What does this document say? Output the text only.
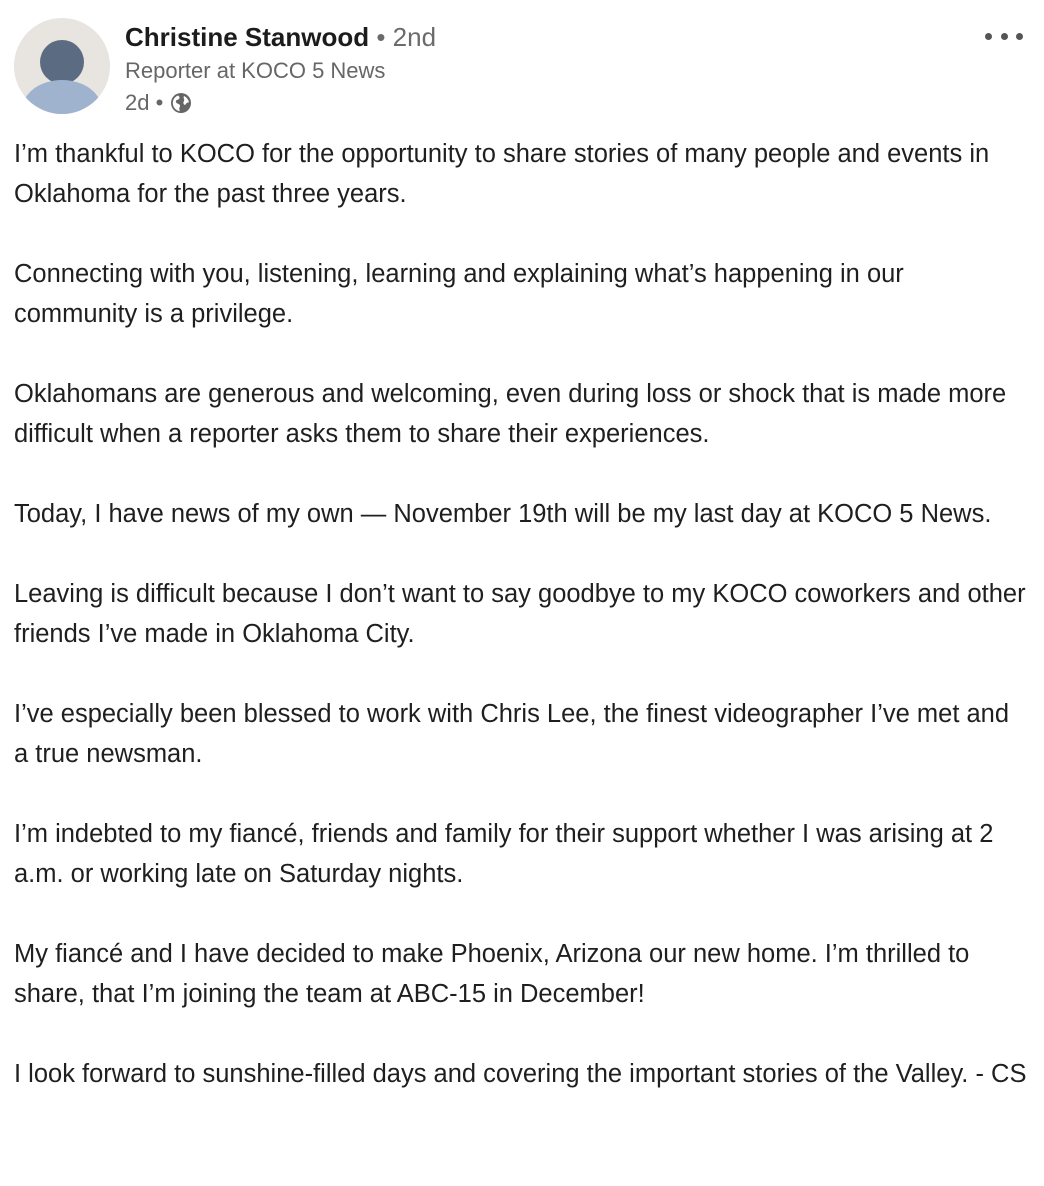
Christine Stanwood • 2nd
Reporter at KOCO 5 News
2d •

I’m thankful to KOCO for the opportunity to share stories of many people and events in Oklahoma for the past three years.

Connecting with you, listening, learning and explaining what’s happening in our community is a privilege.

Oklahomans are generous and welcoming, even during loss or shock that is made more difficult when a reporter asks them to share their experiences.

Today, I have news of my own — November 19th will be my last day at KOCO 5 News.

Leaving is difficult because I don’t want to say goodbye to my KOCO coworkers and other friends I’ve made in Oklahoma City.

I’ve especially been blessed to work with Chris Lee, the finest videographer I’ve met and a true newsman.

I’m indebted to my fiancé, friends and family for their support whether I was arising at 2 a.m. or working late on Saturday nights.

My fiancé and I have decided to make Phoenix, Arizona our new home. I’m thrilled to share, that I’m joining the team at ABC-15 in December!

I look forward to sunshine-filled days and covering the important stories of the Valley. - CS
